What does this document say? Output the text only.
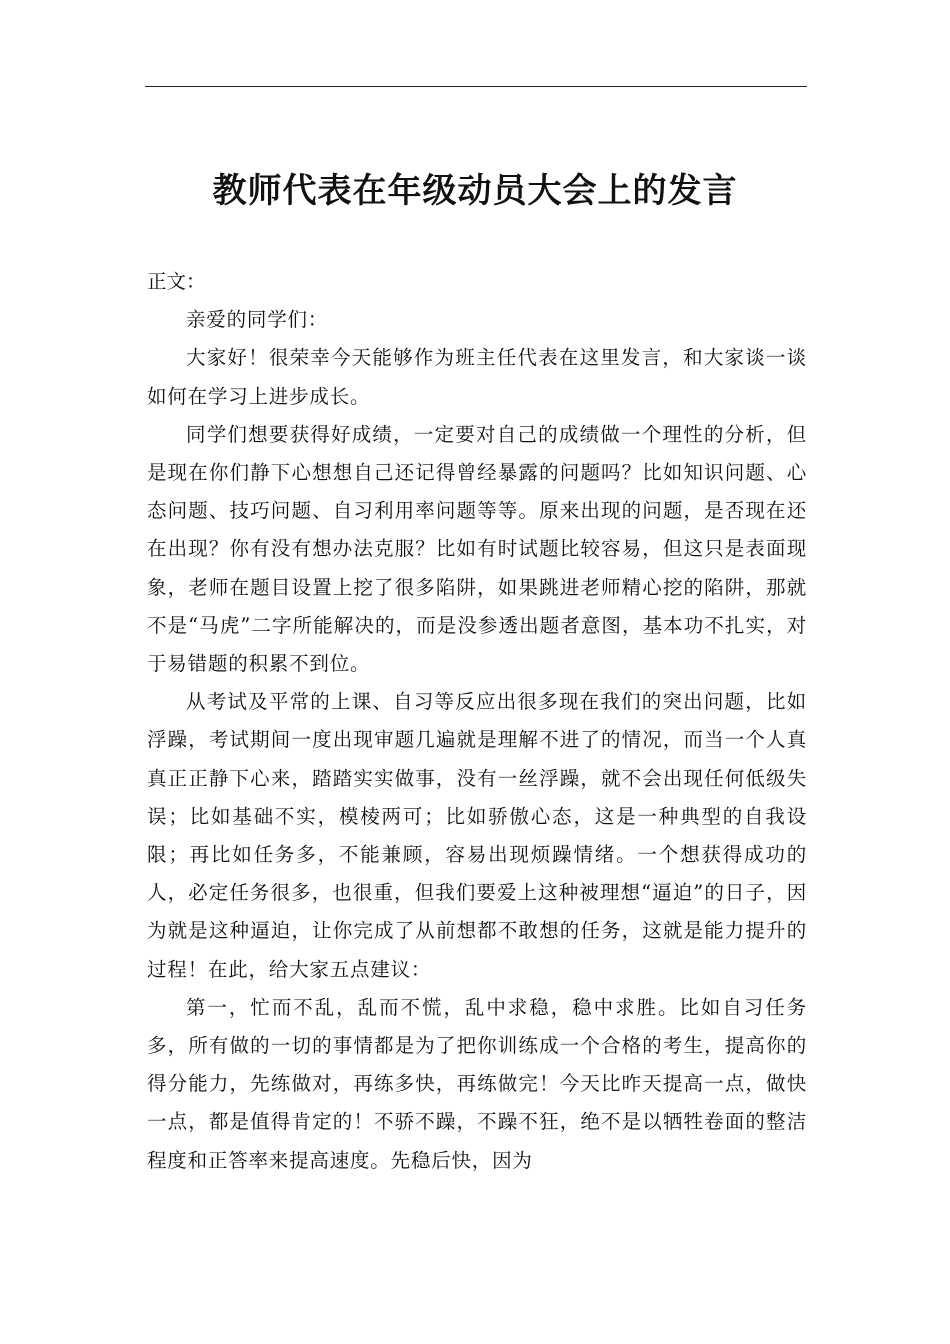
教师代表在年级动员大会上的发言

正文：

亲爱的同学们：

大家好！很荣幸今天能够作为班主任代表在这里发言，和大家谈一谈如何在学习上进步成长。

同学们想要获得好成绩，一定要对自己的成绩做一个理性的分析，但是现在你们静下心想想自己还记得曾经暴露的问题吗？比如知识问题、心态问题、技巧问题、自习利用率问题等等。原来出现的问题，是否现在还在出现？你有没有想办法克服？比如有时试题比较容易，但这只是表面现象，老师在题目设置上挖了很多陷阱，如果跳进老师精心挖的陷阱，那就不是“马虎”二字所能解决的，而是没参透出题者意图，基本功不扎实，对于易错题的积累不到位。

从考试及平常的上课、自习等反应出很多现在我们的突出问题，比如浮躁，考试期间一度出现审题几遍就是理解不进了的情况，而当一个人真真正正静下心来，踏踏实实做事，没有一丝浮躁，就不会出现任何低级失误；比如基础不实，模棱两可；比如骄傲心态，这是一种典型的自我设限；再比如任务多，不能兼顾，容易出现烦躁情绪。一个想获得成功的人，必定任务很多，也很重，但我们要爱上这种被理想“逼迫”的日子，因为就是这种逼迫，让你完成了从前想都不敢想的任务，这就是能力提升的过程！在此，给大家五点建议：

第一，忙而不乱，乱而不慌，乱中求稳，稳中求胜。比如自习任务多，所有做的一切的事情都是为了把你训练成一个合格的考生，提高你的得分能力，先练做对，再练多快，再练做完！今天比昨天提高一点，做快一点，都是值得肯定的！不骄不躁，不躁不狂，绝不是以牺牲卷面的整洁程度和正答率来提高速度。先稳后快，因为
